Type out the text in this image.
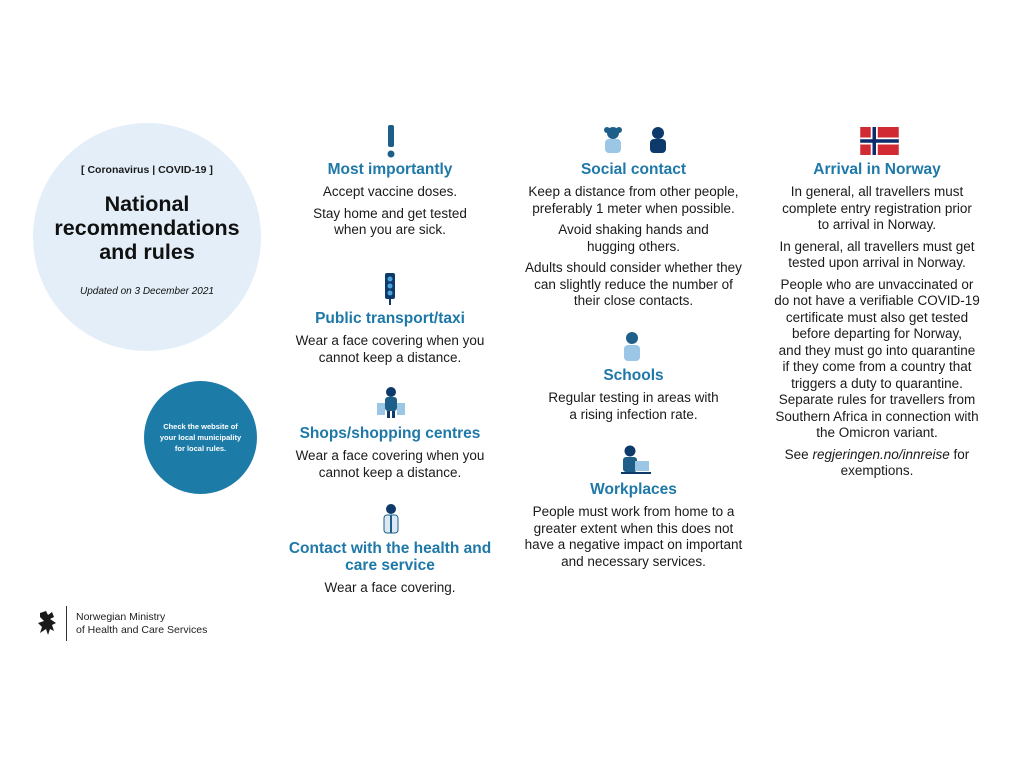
[ Coronavirus | COVID-19 ]
National
recommendations
and rules
Updated on 3 December 2021
Check the website of
your local municipality
for local rules.
Most importantly
Accept vaccine doses.
Stay home and get tested
when you are sick.
Public transport/taxi
Wear a face covering when you
cannot keep a distance.
Shops/shopping centres
Wear a face covering when you
cannot keep a distance.
Contact with the health and
care service
Wear a face covering.
Social contact
Keep a distance from other people,
preferably 1 meter when possible.
Avoid shaking hands and
hugging others.
Adults should consider whether they
can slightly reduce the number of
their close contacts.
Schools
Regular testing in areas with
a rising infection rate.
Workplaces
People must work from home to a
greater extent when this does not
have a negative impact on important
and necessary services.
Arrival in Norway
In general, all travellers must
complete entry registration prior
to arrival in Norway.
In general, all travellers must get
tested upon arrival in Norway.
People who are unvaccinated or
do not have a verifiable COVID-19
certificate must also get tested
before departing for Norway,
and they must go into quarantine
if they come from a country that
triggers a duty to quarantine.
Separate rules for travellers from
Southern Africa in connection with
the Omicron variant.
See regjeringen.no/innreise for
exemptions.
Norwegian Ministry
of Health and Care Services
